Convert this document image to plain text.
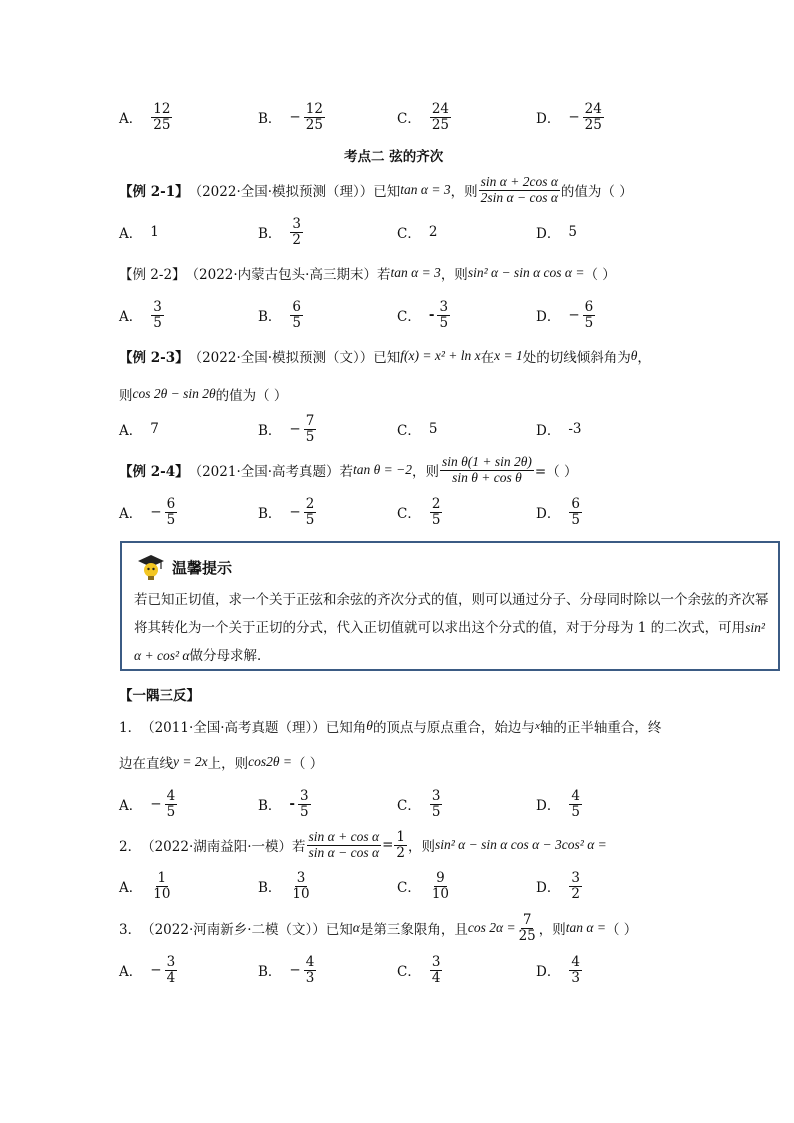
A． $\frac{12}{25}$	B． − $\frac{12}{25}$	C． $\frac{24}{25}$	D． − $\frac{24}{25}$
考点二 弦的齐次
【例 2-1】 （2022·全国·模拟预测（理））已知 tan α = 3 ，则 $\frac{\text{sin α + 2cos α}}{\text{2sin α − cos α}}$ 的值为（ ）
A． 1	B． $\frac{3}{2}$	C． 2	D． 5
【例 2-2】 （2022·内蒙古包头·高三期末）若 tan α = 3 ，则 sin² α − sin α cos α = （ ）
A． $\frac{3}{5}$	B． $\frac{6}{5}$	C． - $\frac{3}{5}$	D． − $\frac{6}{5}$
【例 2-3】 （2022·全国·模拟预测（文））已知 f(x) = x² + ln x 在 x = 1 处的切线倾斜角为 θ ，
则 cos 2θ − sin 2θ 的值为（ ）
A． 7	B． − $\frac{7}{5}$	C． 5	D． -3
【例 2-4】 （2021·全国·高考真题）若 tan θ = −2 ，则 $\frac{\text{sin θ(1 + sin 2θ)}}{\text{sin θ + cos θ}}$ =（ ）
A． − $\frac{6}{5}$	B． − $\frac{2}{5}$	C． $\frac{2}{5}$	D． $\frac{6}{5}$
温馨提示
若已知正切值，求一个关于正弦和余弦的齐次分式的值，则可以通过分子、分母同时除以一个余弦的齐次幂将其转化为一个关于正切的分式，代入正切值就可以求出这个分式的值，对于分母为 1 的二次式，可用sin² α + cos² α做分母求解．
【一隅三反】
1． （2011·全国·高考真题（理））已知角 θ 的顶点与原点重合，始边与 x 轴的正半轴重合，终
边在直线 y = 2x 上，则 cos2θ = （ ）
A． − $\frac{4}{5}$	B． - $\frac{3}{5}$	C． $\frac{3}{5}$	D． $\frac{4}{5}$
2． （2022·湖南益阳·一模）若 $\frac{\text{sin α + cos α}}{\text{sin α − cos α}} = \frac{1}{2}$ ，则 sin² α − sin α cos α − 3cos² α =
A． $\frac{1}{10}$	B． $\frac{3}{10}$	C． $\frac{9}{10}$	D． $\frac{3}{2}$
3． （2022·河南新乡·二模（文））已知 α 是第三象限角，且 $\cos 2\alpha = \frac{7}{25}$ ，则 tan α = （ ）
A． − $\frac{3}{4}$	B． − $\frac{4}{3}$	C． $\frac{3}{4}$	D． $\frac{4}{3}$
